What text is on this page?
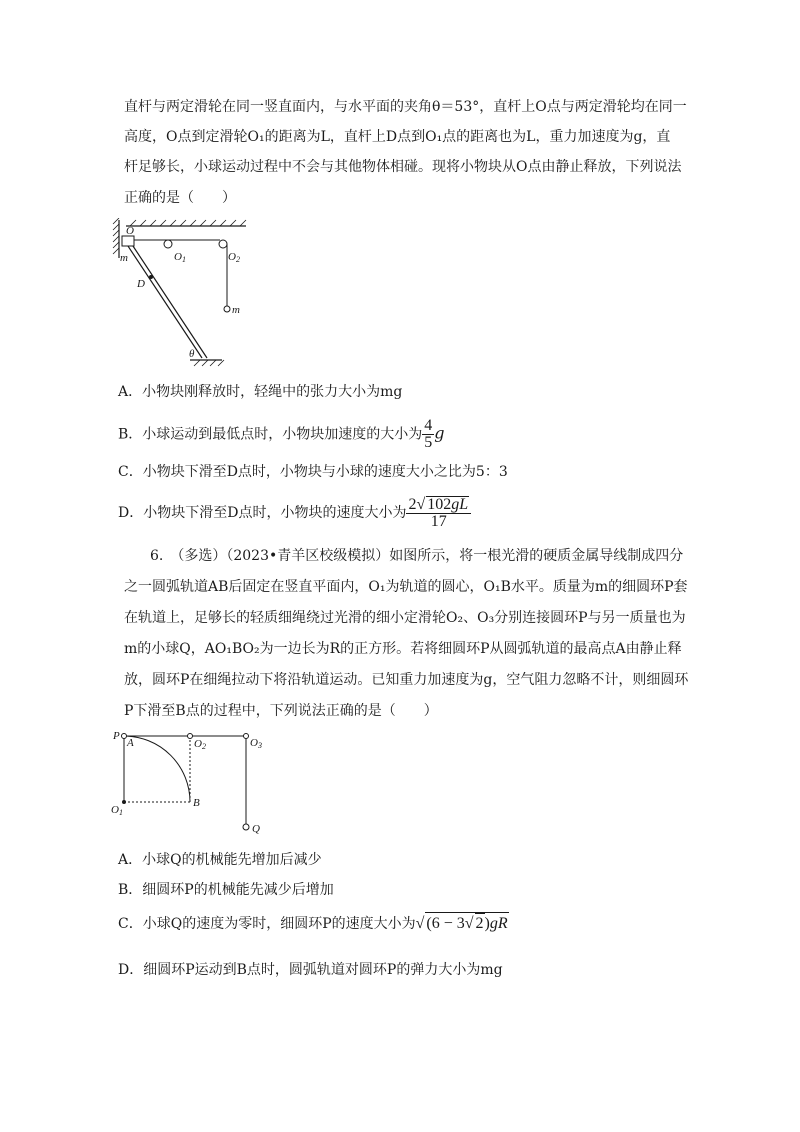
直杆与两定滑轮在同一竖直面内，与水平面的夹角θ＝53°，直杆上O点与两定滑轮均在同一
高度，O点到定滑轮O₁的距离为L，直杆上D点到O₁点的距离也为L，重力加速度为g，直
杆足够长，小球运动过程中不会与其他物体相碰。现将小物块从O点由静止释放，下列说法
正确的是（　　）
O
m	O1	O2
D
m
θ
A．小物块刚释放时，轻绳中的张力大小为mg
B．小球运动到最低点时，小物块加速度的大小为 $\frac{4}{5}$ g
C．小物块下滑至D点时，小物块与小球的速度大小之比为5：3
D．小物块下滑至D点时，小物块的速度大小为 $\frac{2√ 102gL}{17}$
6.　（多选）（2023•青羊区校级模拟）如图所示，将一根光滑的硬质金属导线制成四分
之一圆弧轨道AB后固定在竖直平面内，O₁为轨道的圆心，O₁B水平。质量为m的细圆环P套
在轨道上，足够长的轻质细绳绕过光滑的细小定滑轮O₂、O₃分别连接圆环P与另一质量也为
m的小球Q，AO₁BO₂为一边长为R的正方形。若将细圆环P从圆弧轨道的最高点A由静止释
放，圆环P在细绳拉动下将沿轨道运动。已知重力加速度为g，空气阻力忽略不计，则细圆环
P下滑至B点的过程中，下列说法正确的是（　　）
P
A	O2	O3
O1
B
Q
A．小球Q的机械能先增加后减少
B．细圆环P的机械能先减少后增加
C．小球Q的速度为零时，细圆环P的速度大小为√ (6 − 3√ 2)gR
D．细圆环P运动到B点时，圆弧轨道对圆环P的弹力大小为mg
